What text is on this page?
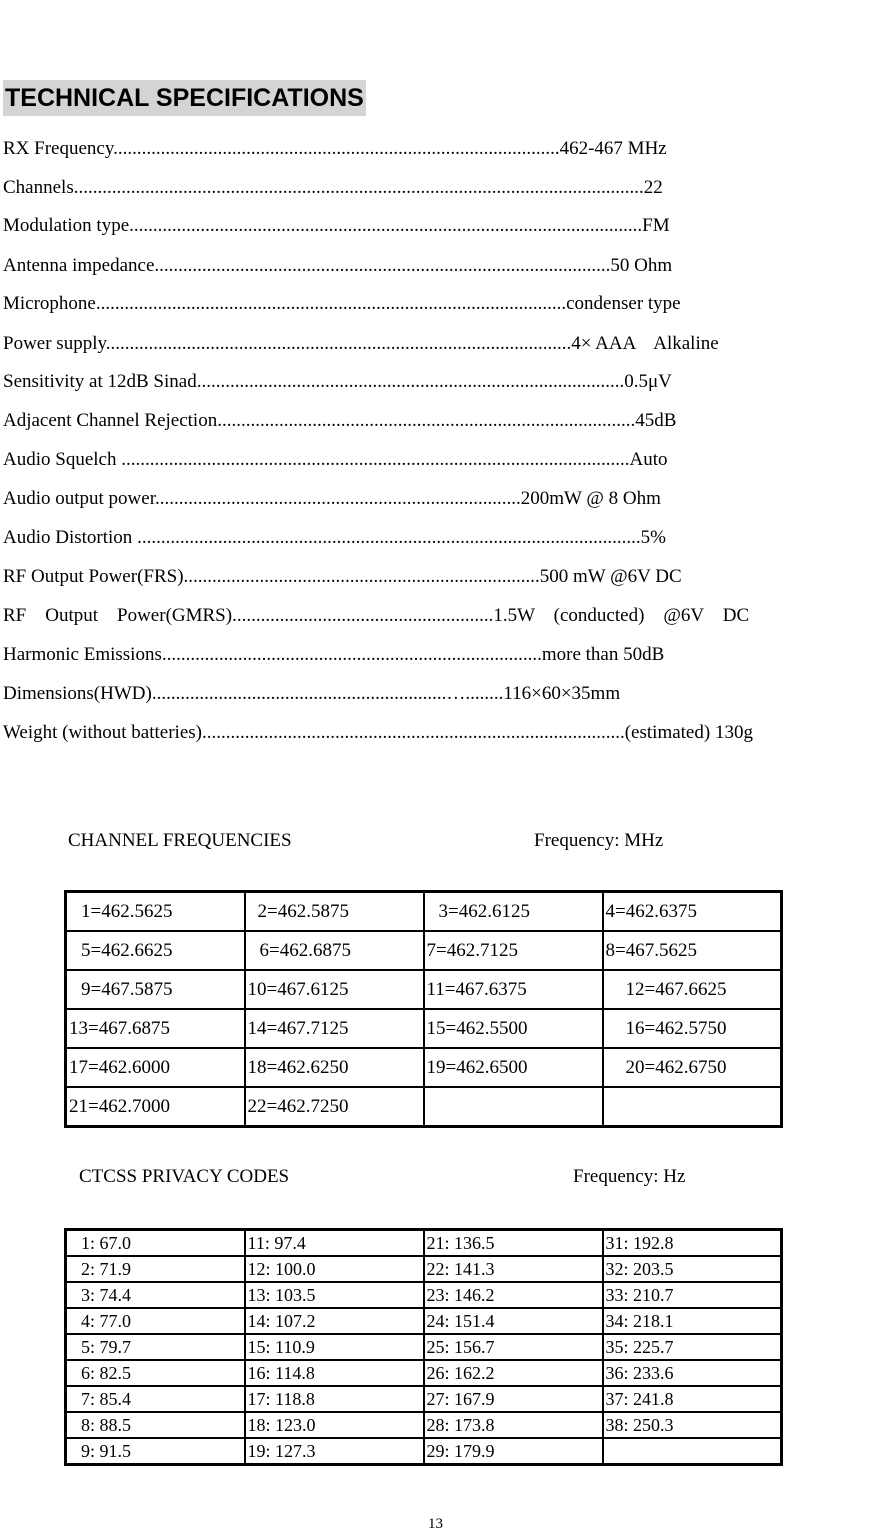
TECHNICAL SPECIFICATIONS
RX Frequency..............................................................................................462-467 MHz
Channels........................................................................................................................22
Modulation type............................................................................................................FM
Antenna impedance................................................................................................50 Ohm
Microphone...................................................................................................condenser type
Power supply..................................................................................................4× AAA    Alkaline
Sensitivity at 12dB Sinad..........................................................................................0.5μV
Adjacent Channel Rejection........................................................................................45dB
Audio Squelch ...........................................................................................................Auto
Audio output power.............................................................................200mW @ 8 Ohm
Audio Distortion ..........................................................................................................5%
RF Output Power(FRS)...........................................................................500 mW @6V DC
RF    Output    Power(GMRS).......................................................1.5W    (conducted)    @6V    DC
Harmonic Emissions................................................................................more than 50dB
Dimensions(HWD)..............................................................…........116×60×35mm
Weight (without batteries).........................................................................................(estimated) 130g
CHANNEL FREQUENCIES	Frequency: MHz
1=462.5625	2=462.5875	3=462.6125	4=462.6375
5=462.6625	6=462.6875	7=462.7125	8=467.5625
9=467.5875	10=467.6125	11=467.6375	12=467.6625
13=467.6875	14=467.7125	15=462.5500	16=462.5750
17=462.6000	18=462.6250	19=462.6500	20=462.6750
21=462.7000	22=462.7250		
CTCSS PRIVACY CODES	Frequency: Hz
1: 67.0	11: 97.4	21: 136.5	31: 192.8
2: 71.9	12: 100.0	22: 141.3	32: 203.5
3: 74.4	13: 103.5	23: 146.2	33: 210.7
4: 77.0	14: 107.2	24: 151.4	34: 218.1
5: 79.7	15: 110.9	25: 156.7	35: 225.7
6: 82.5	16: 114.8	26: 162.2	36: 233.6
7: 85.4	17: 118.8	27: 167.9	37: 241.8
8: 88.5	18: 123.0	28: 173.8	38: 250.3
9: 91.5	19: 127.3	29: 179.9	
13
